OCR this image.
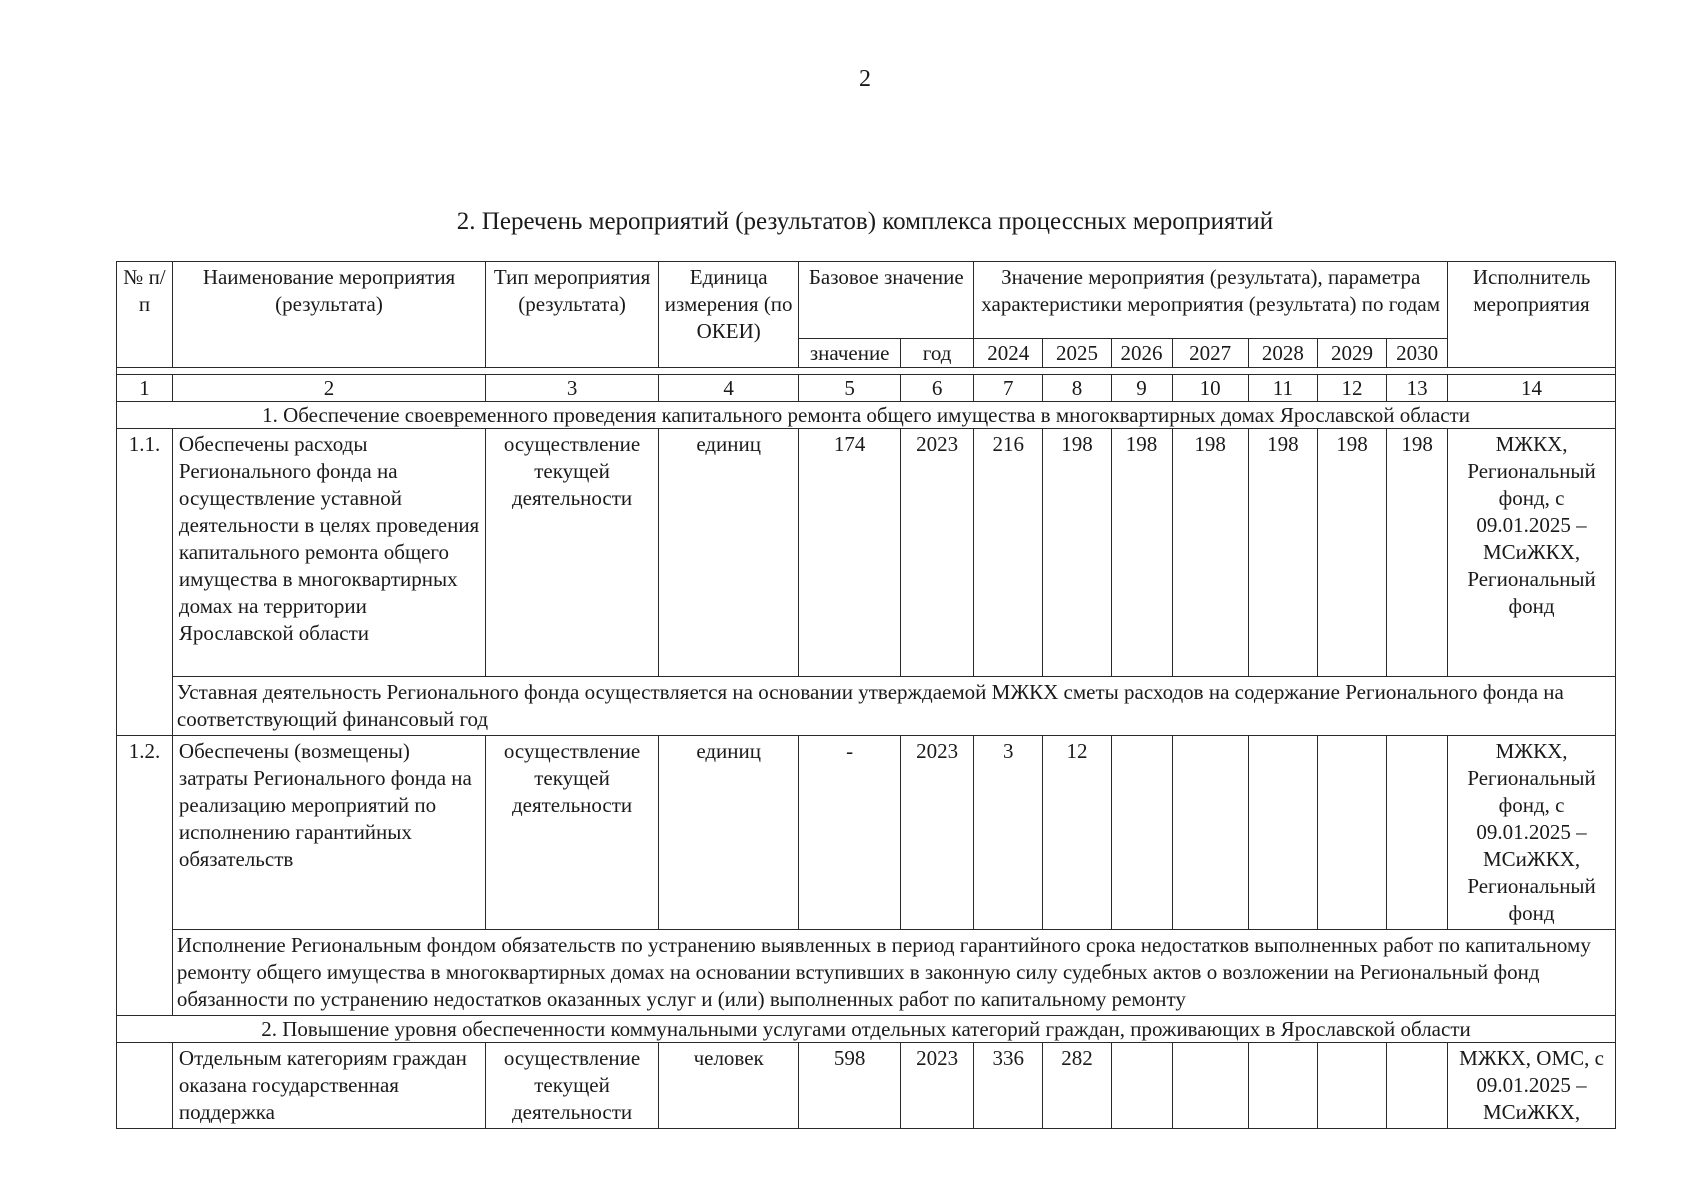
2
2. Перечень мероприятий (результатов) комплекса процессных мероприятий
№ п/п	Наименование мероприятия (результата)	Тип мероприятия (результата)	Единица измерения (по ОКЕИ)	Базовое значение		Значение мероприятия (результата), параметра характеристики мероприятия (результата) по годам							Исполнитель мероприятия
				значение	год	2024	2025	2026	2027	2028	2029	2030	

1	2	3	4	5	6	7	8	9	10	11	12	13	14
1. Обеспечение своевременного проведения капитального ремонта общего имущества в многоквартирных домах Ярославской области													
1.1.	Обеспечены расходы Регионального фонда на осуществление уставной деятельности в целях проведения капитального ремонта общего имущества в многоквартирных домах на территории Ярославской области	осуществление текущей деятельности	единиц	174	2023	216	198	198	198	198	198	198	МЖКХ, Региональный фонд, с 09.01.2025 – МСиЖКХ, Региональный фонд
	Уставная деятельность Регионального фонда осуществляется на основании утверждаемой МЖКХ сметы расходов на содержание Регионального фонда на соответствующий финансовый год												
1.2.	Обеспечены (возмещены) затраты Регионального фонда на реализацию мероприятий по исполнению гарантийных обязательств	осуществление текущей деятельности	единиц	-	2023	3	12						МЖКХ, Региональный фонд, с 09.01.2025 – МСиЖКХ, Региональный фонд
	Исполнение Региональным фондом обязательств по устранению выявленных в период гарантийного срока недостатков выполненных работ по капитальному ремонту общего имущества в многоквартирных домах на основании вступивших в законную силу судебных актов о возложении на Региональный фонд обязанности по устранению недостатков оказанных услуг и (или) выполненных работ по капитальному ремонту												
2. Повышение уровня обеспеченности коммунальными услугами отдельных категорий граждан, проживающих в Ярославской области													
	Отдельным категориям граждан оказана государственная поддержка	осуществление текущей деятельности	человек	598	2023	336	282						МЖКХ, ОМС, с 09.01.2025 – МСиЖКХ,
